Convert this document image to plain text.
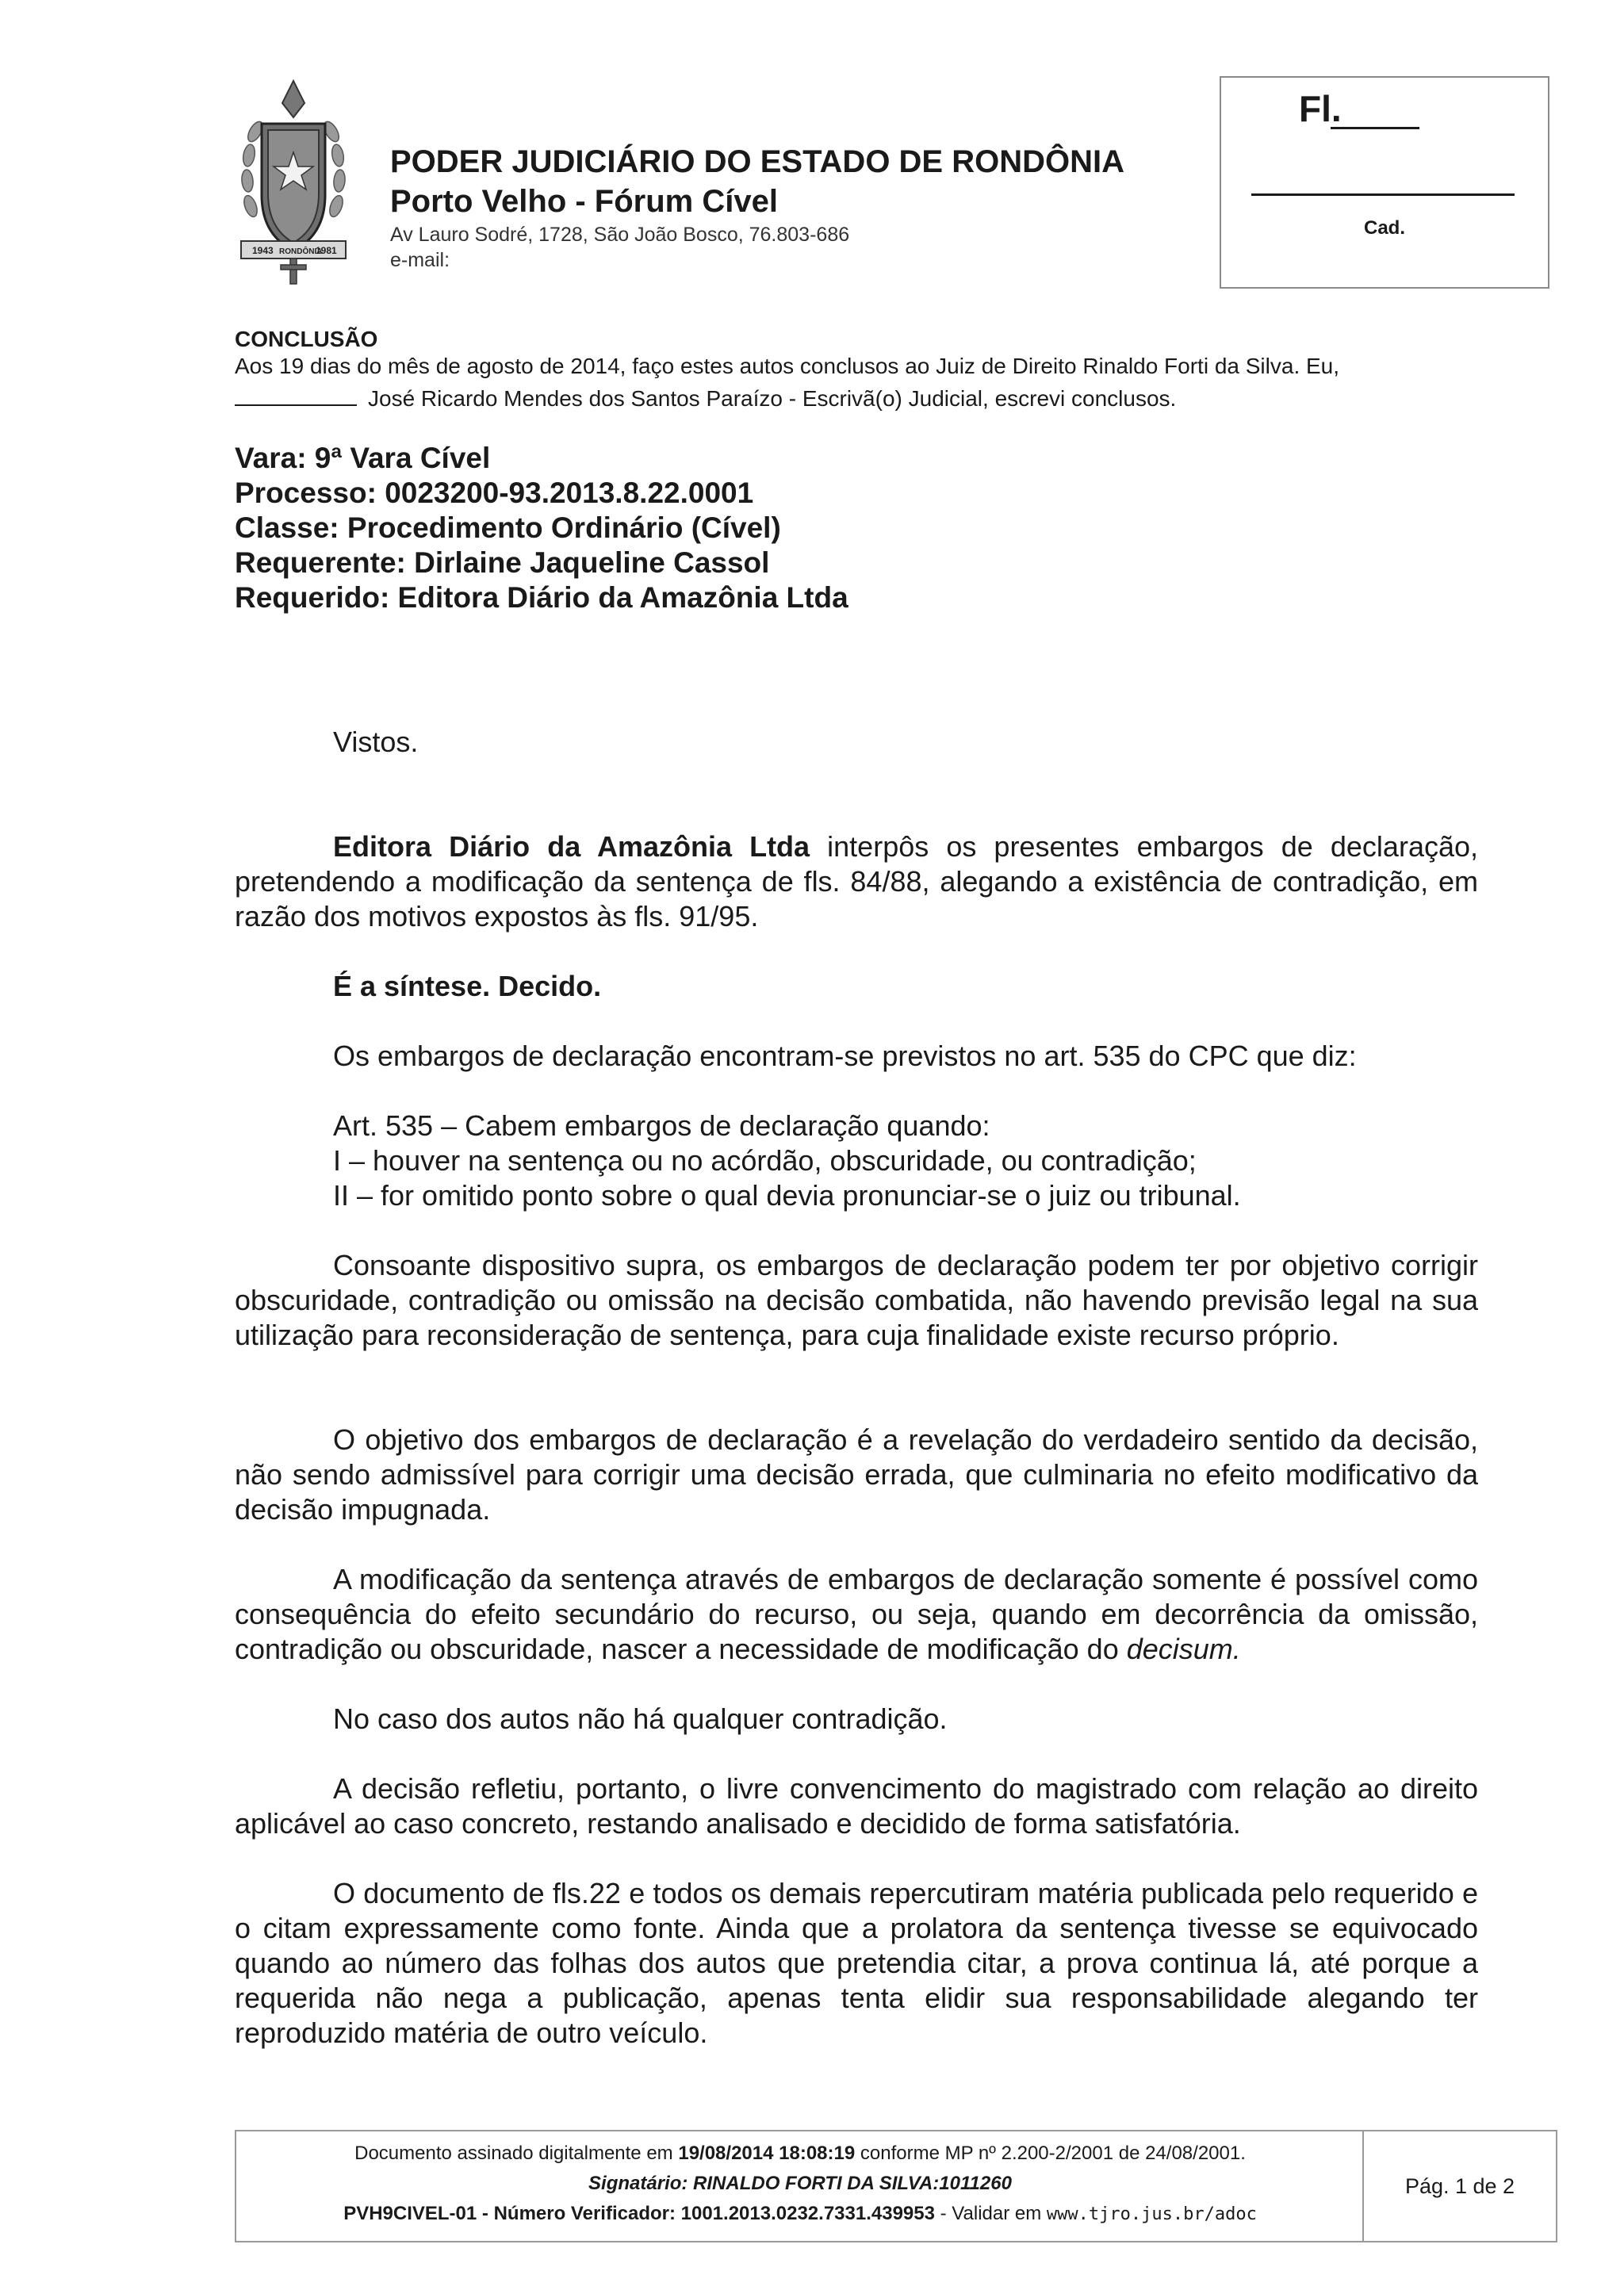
1943 RONDÔNIA
1981
PODER JUDICIÁRIO DO ESTADO DE RONDÔNIA
Porto Velho - Fórum Cível
Av Lauro Sodré, 1728, São João Bosco, 76.803-686
e-mail:
Fl.
Cad.
CONCLUSÃO
Aos 19 dias do mês de agosto de 2014, faço estes autos conclusos ao Juiz de Direito Rinaldo Forti da Silva. Eu,
José Ricardo Mendes dos Santos Paraízo - Escrivã(o) Judicial, escrevi conclusos.
Vara: 9ª Vara Cível
Processo: 0023200-93.2013.8.22.0001
Classe: Procedimento Ordinário (Cível)
Requerente: Dirlaine Jaqueline Cassol
Requerido: Editora Diário da Amazônia Ltda
Vistos.

Editora Diário da Amazônia Ltda interpôs os presentes embargos de declaração, pretendendo a modificação da sentença de fls. 84/88, alegando a existência de contradição, em razão dos motivos expostos às fls. 91/95.

É a síntese. Decido.
Os embargos de declaração encontram-se previstos no art. 535 do CPC que diz:
Art. 535 – Cabem embargos de declaração quando:
I – houver na sentença ou no acórdão, obscuridade, ou contradição;
II – for omitido ponto sobre o qual devia pronunciar-se o juiz ou tribunal.

Consoante dispositivo supra, os embargos de declaração podem ter por objetivo corrigir obscuridade, contradição ou omissão na decisão combatida, não havendo previsão legal na sua utilização para reconsideração de sentença, para cuja finalidade existe recurso próprio.

O objetivo dos embargos de declaração é a revelação do verdadeiro sentido da decisão, não sendo admissível para corrigir uma decisão errada, que culminaria no efeito modificativo da decisão impugnada.

A modificação da sentença através de embargos de declaração somente é possível como consequência do efeito secundário do recurso, ou seja, quando em decorrência da omissão, contradição ou obscuridade, nascer a necessidade de modificação do decisum.

No caso dos autos não há qualquer contradição.

A decisão refletiu, portanto, o livre convencimento do magistrado com relação ao direito aplicável ao caso concreto, restando analisado e decidido de forma satisfatória.

O documento de fls.22 e todos os demais repercutiram matéria publicada pelo requerido e o citam expressamente como fonte. Ainda que a prolatora da sentença tivesse se equivocado quando ao número das folhas dos autos que pretendia citar, a prova continua lá, até porque a requerida não nega a publicação, apenas tenta elidir sua responsabilidade alegando ter reproduzido matéria de outro veículo.

Documento assinado digitalmente em 19/08/2014 18:08:19 conforme MP nº 2.200-2/2001 de 24/08/2001.
Signatário: RINALDO FORTI DA SILVA:1011260
PVH9CIVEL-01 - Número Verificador: 1001.2013.0232.7331.439953 - Validar em www.tjro.jus.br/adoc
Pág. 1 de 2
